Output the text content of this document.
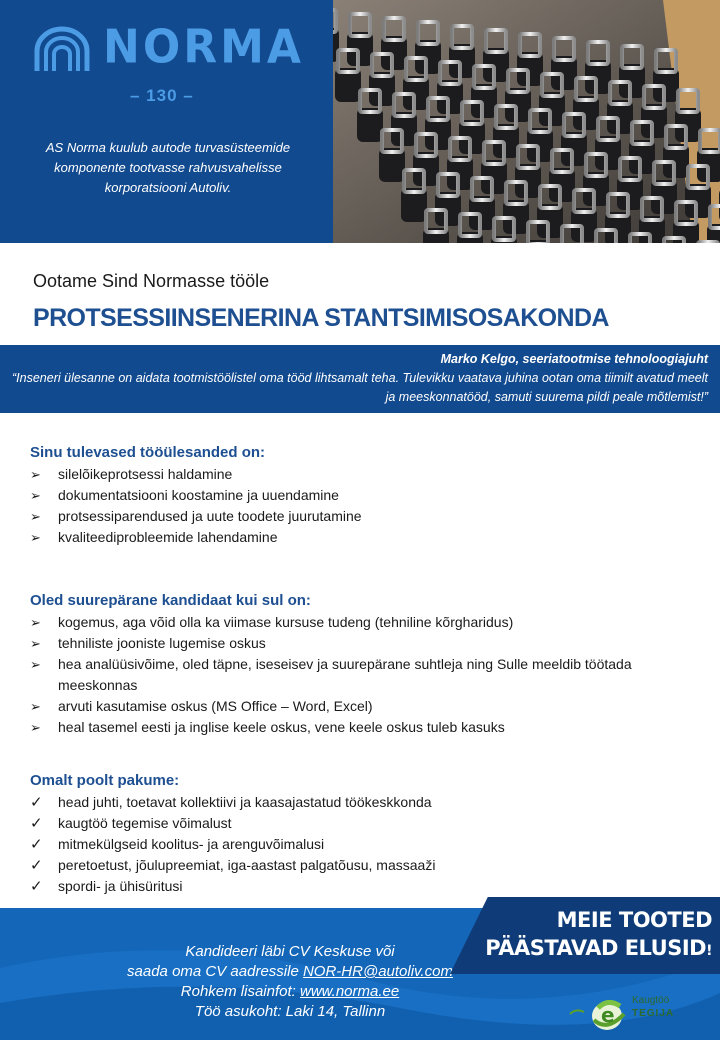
NORMA
– 130 –
AS Norma kuulub autode turvasüsteemide komponente tootvasse rahvusvahelisse korporatsiooni Autoliv.
Ootame Sind Normasse tööle
PROTSESSIINSENERINA STANTSIMISOSAKONDA
Marko Kelgo, seeriatootmise tehnoloogiajuht
“Inseneri ülesanne on aidata tootmistöölistel oma tööd lihtsamalt teha. Tulevikku vaatava juhina ootan oma tiimilt avatud meelt ja meeskonnatööd, samuti suurema pildi peale mõtlemist!”
Sinu tulevased tööülesanded on:
➢	silelõikeprotsessi haldamine
➢	dokumentatsiooni koostamine ja uuendamine
➢	protsessiparendused ja uute toodete juurutamine
➢	kvaliteediprobleemide lahendamine
Oled suurepärane kandidaat kui sul on:
➢	kogemus, aga võid olla ka viimase kursuse tudeng (tehniline kõrgharidus)
➢	tehniliste jooniste lugemise oskus
➢	hea analüüsivõime, oled täpne, iseseisev ja suurepärane suhtleja ning Sulle meeldib töötada meeskonnas
➢	arvuti kasutamise oskus (MS Office – Word, Excel)
➢	heal tasemel eesti ja inglise keele oskus, vene keele oskus tuleb kasuks
Omalt poolt pakume:
✓	head juhti, toetavat kollektiivi ja kaasajastatud töökeskkonda
✓	kaugtöö tegemise võimalust
✓	mitmekülgseid koolitus- ja arenguvõimalusi
✓	peretoetust, jõulupreemiat, iga-aastast palgatõusu, massaaži
✓	spordi- ja ühisüritusi
Kandideeri läbi CV Keskuse või
saada oma CV aadressile NOR-HR@autoliv.com
Rohkem lisainfot: www.norma.ee
Töö asukoht: Laki 14, Tallinn
MEIE TOOTED
PÄÄSTAVAD ELUSID!
e
Kaugtöö
TEGIJA
